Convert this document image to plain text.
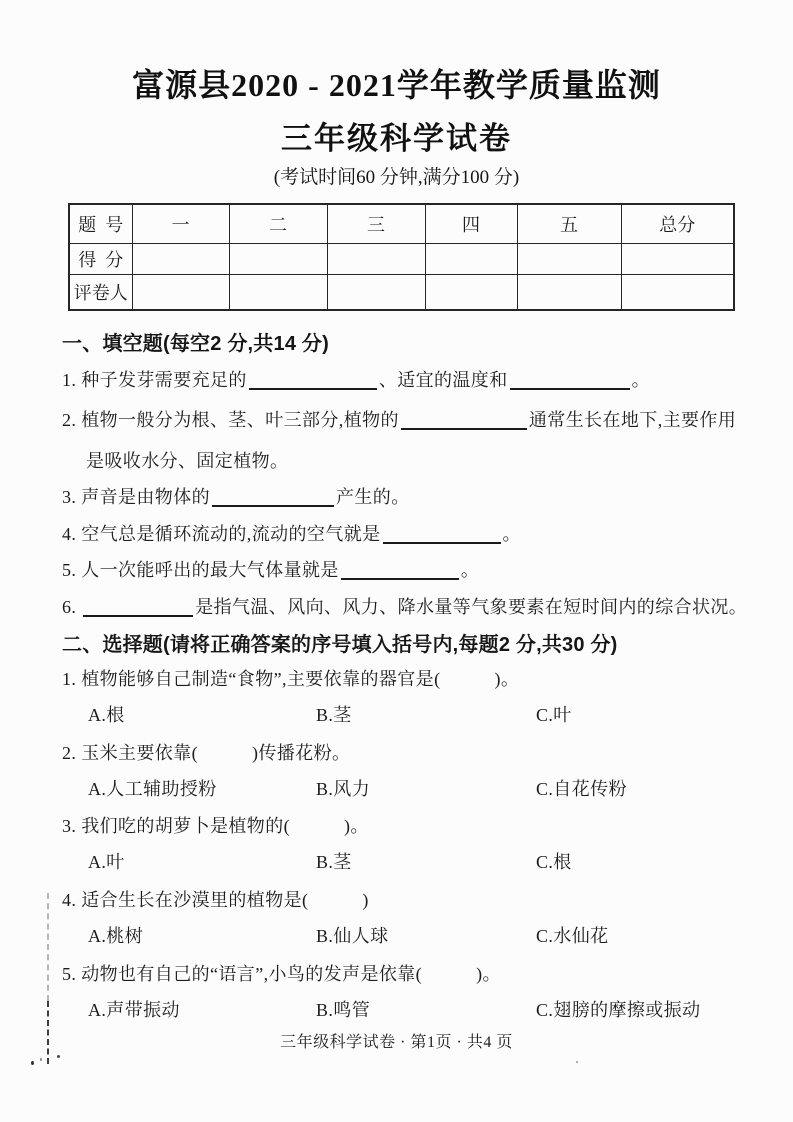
富源县2020 - 2021学年教学质量监测
三年级科学试卷
(考试时间60 分钟,满分100 分)
题  号	一	二	三	四	五	总分
得  分						
评卷人						
一、填空题(每空2 分,共14 分)
1. 种子发芽需要充足的	、适宜的温度和	。
2. 植物一般分为根、茎、叶三部分,植物的	通常生长在地下,主要作用
是吸收水分、固定植物。
3. 声音是由物体的	产生的。
4. 空气总是循环流动的,流动的空气就是	。
5. 人一次能呼出的最大气体量就是	。
6.	是指气温、风向、风力、降水量等气象要素在短时间内的综合状况。
二、选择题(请将正确答案的序号填入括号内,每题2 分,共30 分)
1. 植物能够自己制造“食物”,主要依靠的器官是(	)。
A.根	B.茎	C.叶
2. 玉米主要依靠(	)传播花粉。
A.人工辅助授粉	B.风力	C.自花传粉
3. 我们吃的胡萝卜是植物的(	)。
A.叶	B.茎	C.根
4. 适合生长在沙漠里的植物是(	)
A.桃树	B.仙人球	C.水仙花
5. 动物也有自己的“语言”,小鸟的发声是依靠(	)。
A.声带振动	B.鸣管	C.翅膀的摩擦或振动
三年级科学试卷 · 第1页 · 共4 页
